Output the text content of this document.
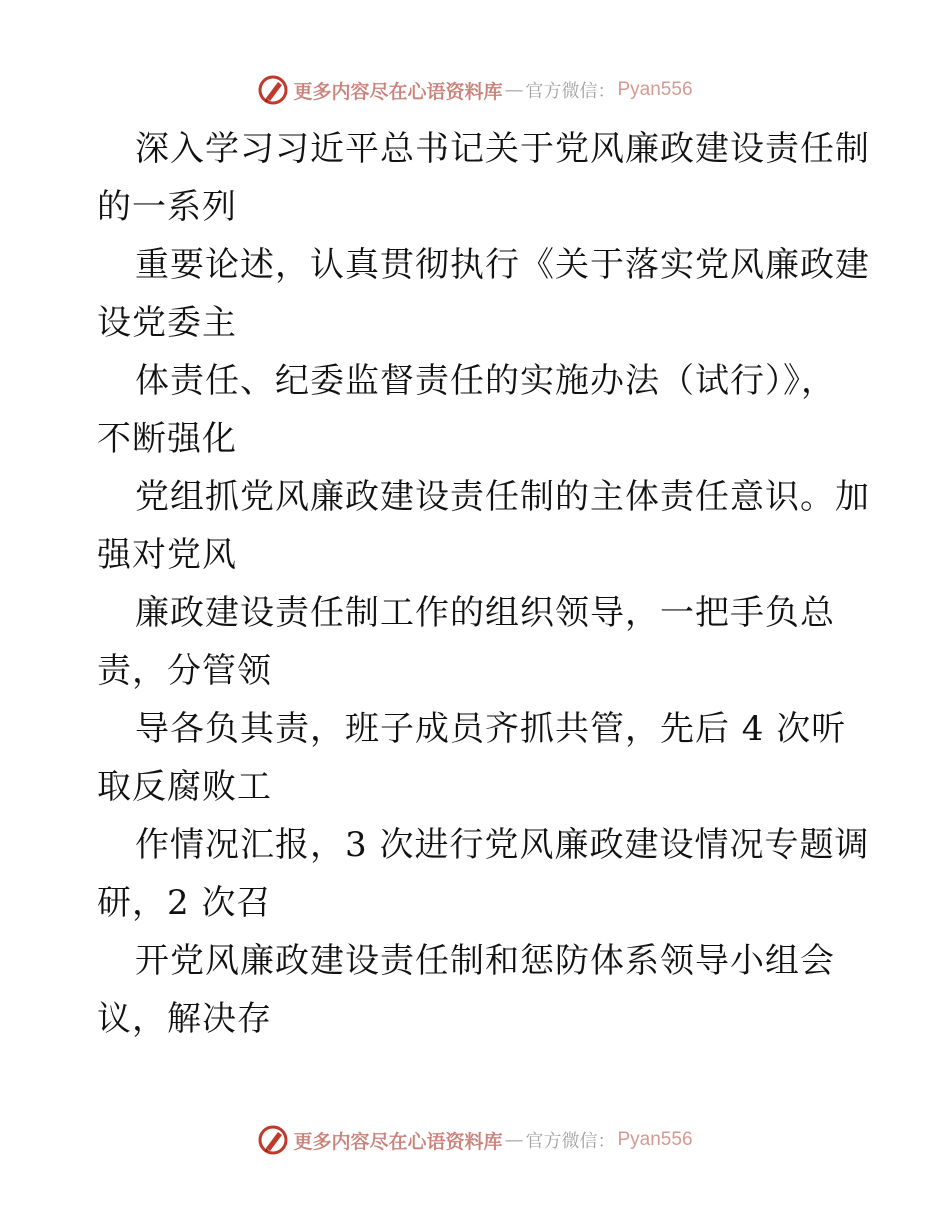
更多内容尽在心语资料库 — 官方微信： Pyan556
深入学习习近平总书记关于党风廉政建设责任制
的一系列
重要论述，认真贯彻执行《关于落实党风廉政建
设党委主
体责任、纪委监督责任的实施办法（试行）》，
不断强化
党组抓党风廉政建设责任制的主体责任意识。加
强对党风
廉政建设责任制工作的组织领导，一把手负总
责，分管领
导各负其责，班子成员齐抓共管，先后 4 次听
取反腐败工
作情况汇报，3 次进行党风廉政建设情况专题调
研，2 次召
开党风廉政建设责任制和惩防体系领导小组会
议，解决存
更多内容尽在心语资料库 — 官方微信： Pyan556
